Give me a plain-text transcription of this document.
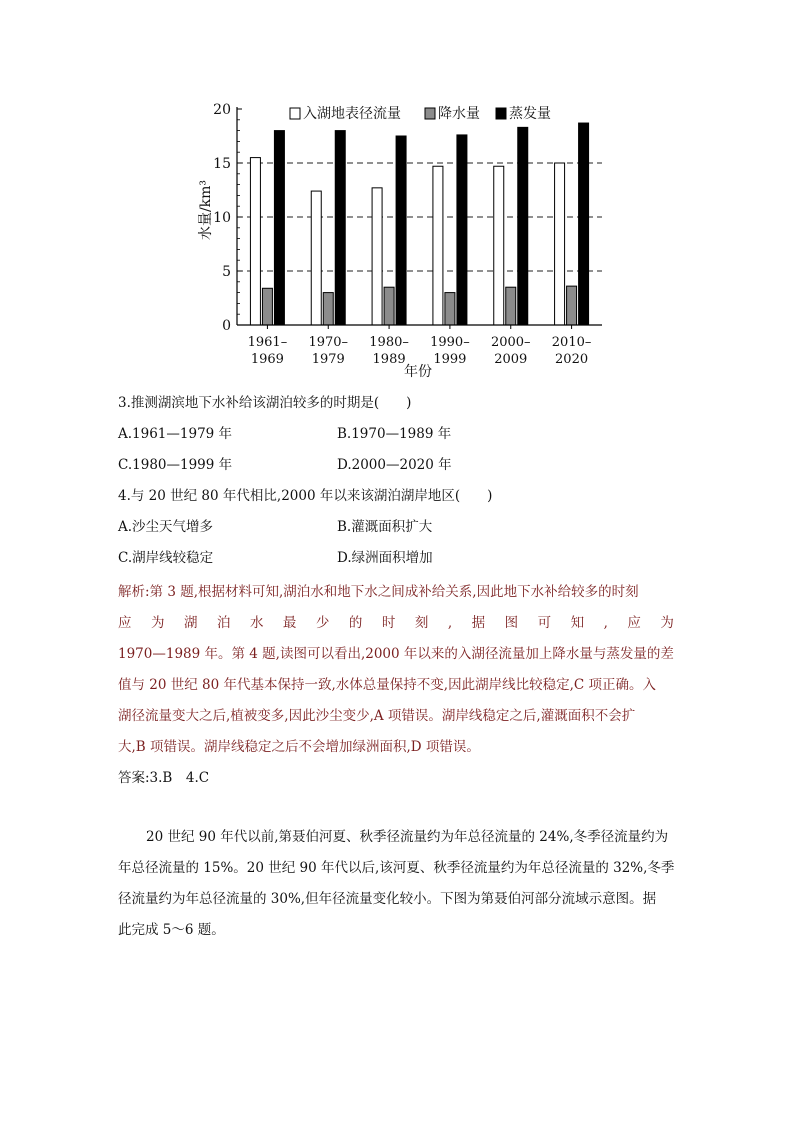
0
5
10
15
20
1961–
1969
1970–
1979
1980–
1989
1990–
1999
2000–
2009
2010–
2020
水量/km³
年份
入湖地表径流量	降水量 蒸发量
3.推测湖滨地下水补给该湖泊较多的时期是(　　)
A.1961—1979 年	B.1970—1989 年
C.1980—1999 年	D.2000—2020 年
4.与 20 世纪 80 年代相比,2000 年以来该湖泊湖岸地区(　　)
A.沙尘天气增多	B.灌溉面积扩大
C.湖岸线较稳定	D.绿洲面积增加
解析:第 3 题,根据材料可知,湖泊水和地下水之间成补给关系,因此地下水补给较多的时刻
应 为 湖 泊 水 最 少 的 时 刻 , 据 图 可 知 , 应 为
1970—1989 年。第 4 题,读图可以看出,2000 年以来的入湖径流量加上降水量与蒸发量的差
值与 20 世纪 80 年代基本保持一致,水体总量保持不变,因此湖岸线比较稳定,C 项正确。入
湖径流量变大之后,植被变多,因此沙尘变少,A 项错误。湖岸线稳定之后,灌溉面积不会扩
大,B 项错误。湖岸线稳定之后不会增加绿洲面积,D 项错误。
答案:3.B　4.C
20 世纪 90 年代以前,第聂伯河夏、秋季径流量约为年总径流量的 24%,冬季径流量约为
年总径流量的 15%。20 世纪 90 年代以后,该河夏、秋季径流量约为年总径流量的 32%,冬季
径流量约为年总径流量的 30%,但年径流量变化较小。下图为第聂伯河部分流域示意图。据
此完成 5～6 题。
